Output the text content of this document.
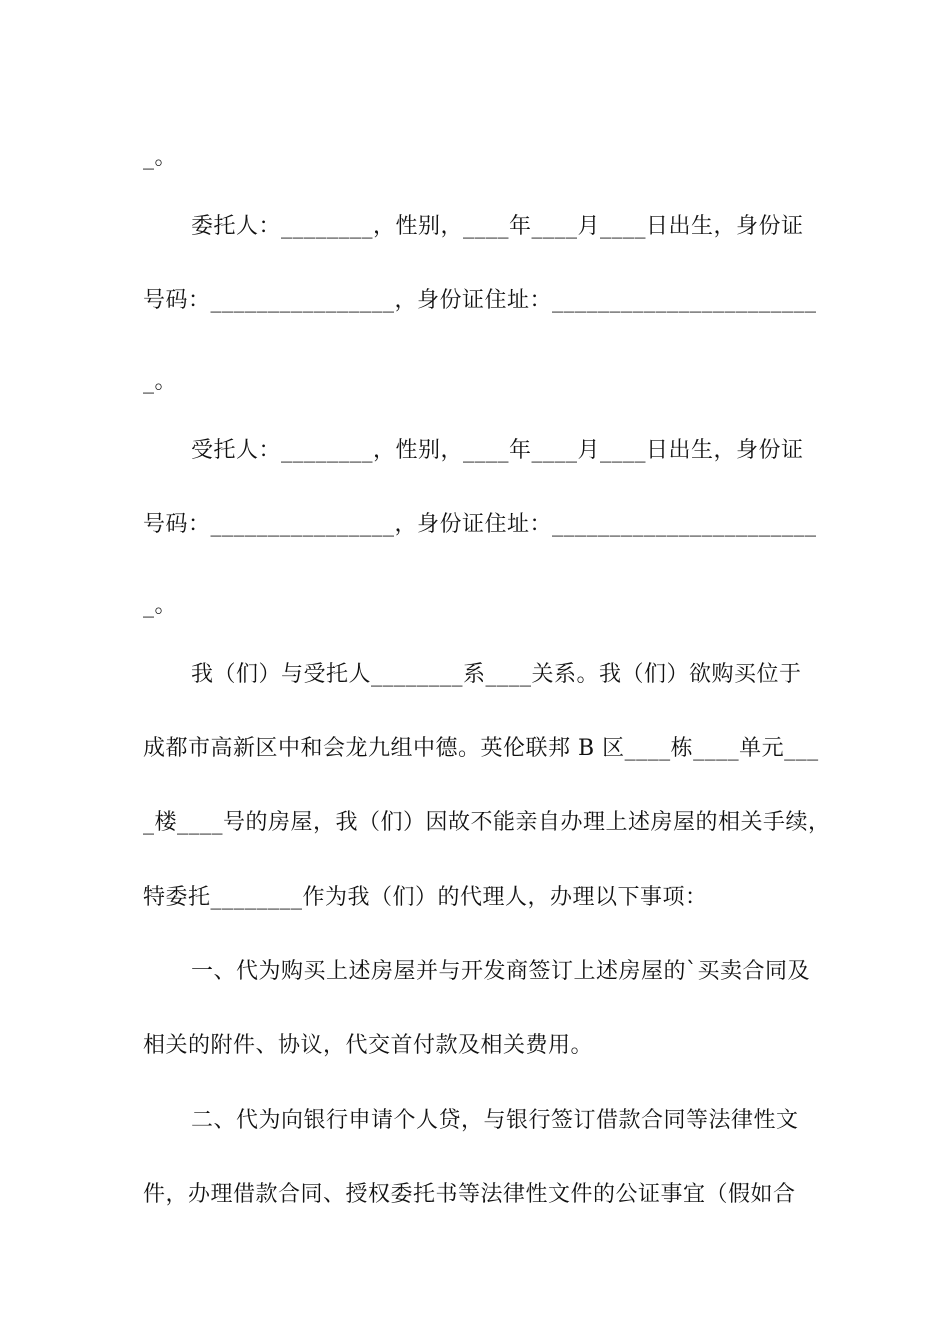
_。
委托人：________，性别，____年____月____日出生，身份证
号码：________________，身份证住址：_______________________
_。
受托人：________，性别，____年____月____日出生，身份证
号码：________________，身份证住址：_______________________
_。
我（们）与受托人________系____关系。我（们）欲购买位于
成都市高新区中和会龙九组中德。英伦联邦 B 区____栋____单元___
_楼____号的房屋，我（们）因故不能亲自办理上述房屋的相关手续，
特委托________作为我（们）的代理人，办理以下事项：
一、代为购买上述房屋并与开发商签订上述房屋的`买卖合同及
相关的附件、协议，代交首付款及相关费用。
二、代为向银行申请个人贷，与银行签订借款合同等法律性文
件，办理借款合同、授权委托书等法律性文件的公证事宜（假如合
